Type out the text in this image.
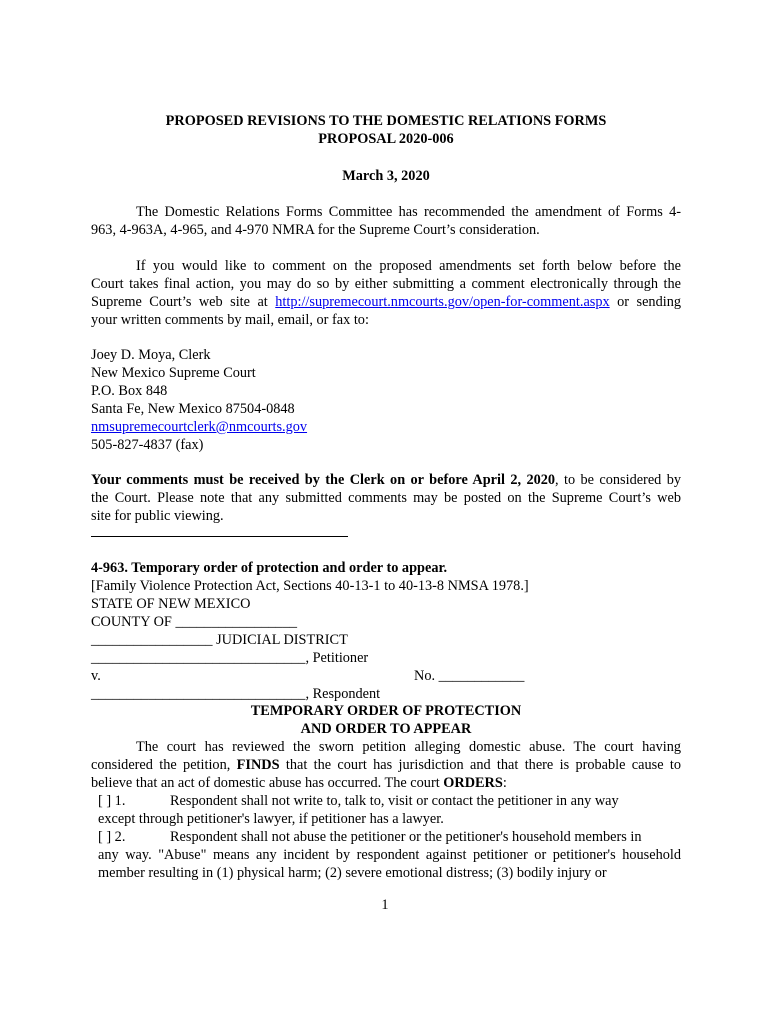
PROPOSED REVISIONS TO THE DOMESTIC RELATIONS FORMS
PROPOSAL 2020-006
March 3, 2020
The Domestic Relations Forms Committee has recommended the amendment of Forms 4-
963, 4-963A, 4-965, and 4-970 NMRA for the Supreme Court’s consideration.
If you would like to comment on the proposed amendments set forth below before the
Court takes final action, you may do so by either submitting a comment electronically through the
Supreme Court’s web site at http://supremecourt.nmcourts.gov/open-for-comment.aspx or sending
your written comments by mail, email, or fax to:
Joey D. Moya, Clerk
New Mexico Supreme Court
P.O. Box 848
Santa Fe, New Mexico 87504-0848
nmsupremecourtclerk@nmcourts.gov
505-827-4837 (fax)
Your comments must be received by the Clerk on or before April 2, 2020, to be considered by
the Court. Please note that any submitted comments may be posted on the Supreme Court’s web
site for public viewing.
4-963. Temporary order of protection and order to appear.
[Family Violence Protection Act, Sections 40-13-1 to 40-13-8 NMSA 1978.]
STATE OF NEW MEXICO
COUNTY OF _________________
_________________ JUDICIAL DISTRICT
______________________________, Petitioner
v.	No. ____________
______________________________, Respondent
TEMPORARY ORDER OF PROTECTION
AND ORDER TO APPEAR
The court has reviewed the sworn petition alleging domestic abuse. The court having
considered the petition, FINDS that the court has jurisdiction and that there is probable cause to
believe that an act of domestic abuse has occurred. The court ORDERS:
[ ] 1.	Respondent shall not write to, talk to, visit or contact the petitioner in any way
except through petitioner's lawyer, if petitioner has a lawyer.
[ ] 2.	Respondent shall not abuse the petitioner or the petitioner's household members in
any way. "Abuse" means any incident by respondent against petitioner or petitioner's household
member resulting in (1) physical harm; (2) severe emotional distress; (3) bodily injury or
1
